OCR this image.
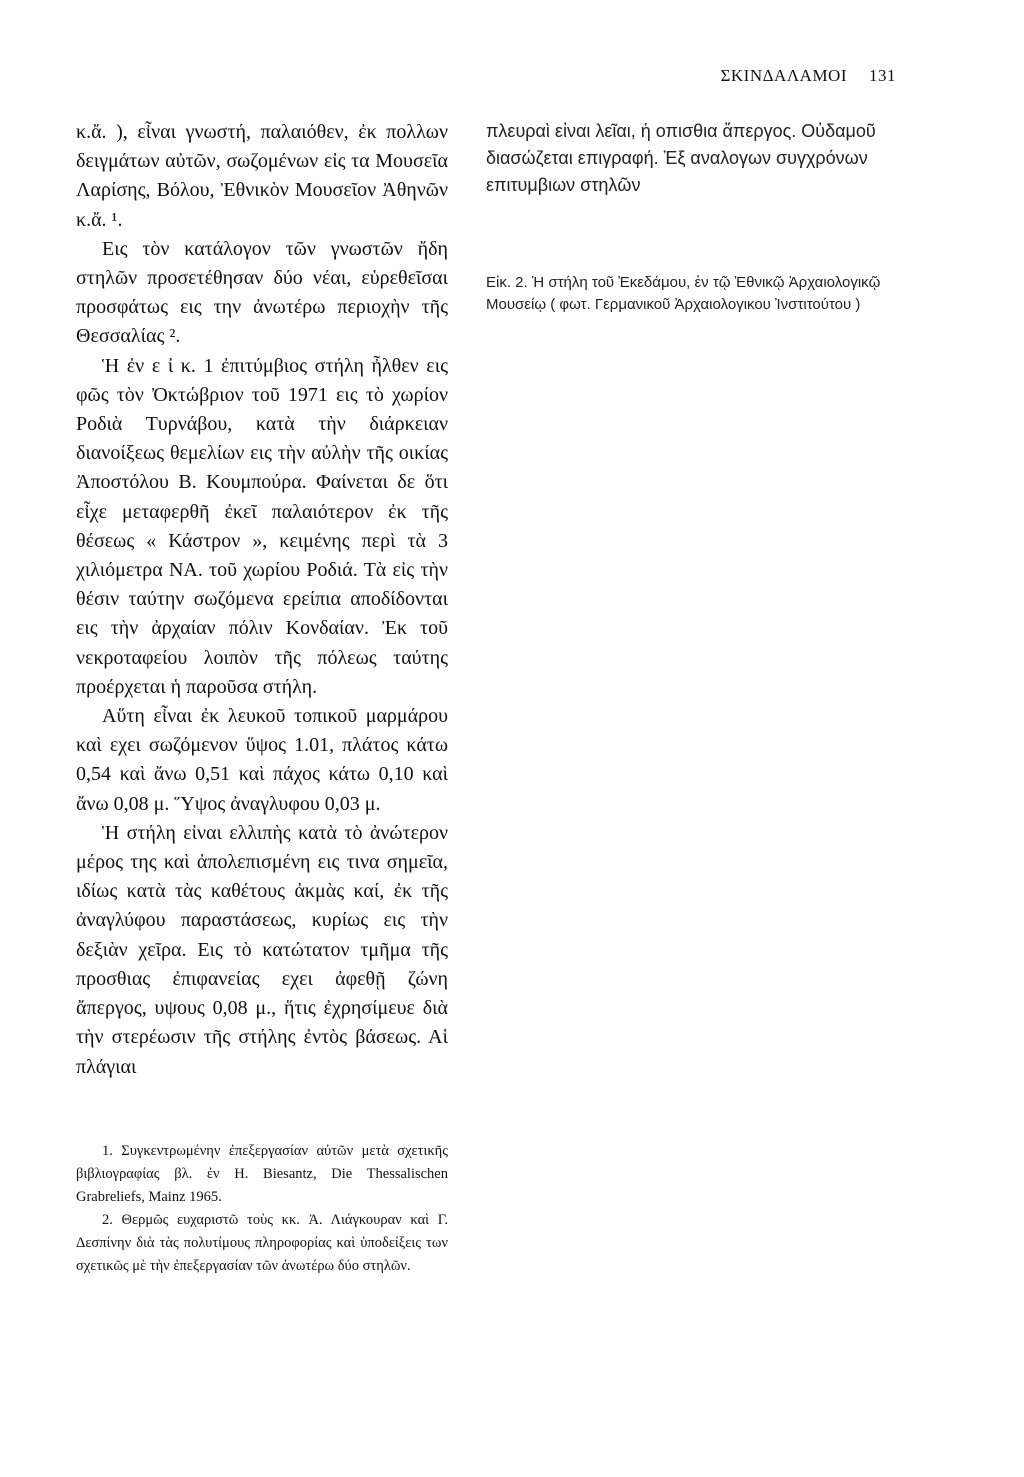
ΣΚΙΝΔΑΛΑΜΟΙ 131

κ.ἄ. ), εἶναι γνωστή, παλαιόθεν, ἐκ πολλων δειγμάτων αὐτῶν, σωζομένων εἰς τα Μουσεῖα Λαρίσης, Βόλου, Ἐθνικὸν Μουσεῖον Ἀθηνῶν κ.ἄ. ¹.

Εις τὸν κατάλογον τῶν γνωστῶν ἤδη στηλῶν προσετέθησαν δύο νέαι, εὑρεθεῖσαι προσφάτως εις την ἀνωτέρω περιοχὴν τῆς Θεσσαλίας ².

Ἡ ἐν ε ἰ κ. 1 ἐπιτύμβιος στήλη ἦλθεν εις φῶς τὸν Ὀκτώβριον τοῦ 1971 εις τὸ χωρίον Ροδιὰ Τυρνάβου, κατὰ τὴν διάρκειαν διανοίξεως θεμελίων εις τὴν αὐλὴν τῆς οικίας Ἀποστόλου Β. Κουμπούρα. Φαίνεται δε ὅτι εἶχε μεταφερθῆ ἐκεῖ παλαιότερον ἐκ τῆς θέσεως « Κάστρον », κειμένης περὶ τὰ 3 χιλιόμετρα ΝΑ. τοῦ χωρίου Ροδιά. Τὰ εἰς τὴν θέσιν ταύτην σωζόμενα ερείπια αποδίδονται εις τὴν ἀρχαίαν πόλιν Κονδαίαν. Ἐκ τοῦ νεκροταφείου λοιπὸν τῆς πόλεως ταύτης προέρχεται ἡ παροῦσα στήλη.

Αὕτη εἶναι ἐκ λευκοῦ τοπικοῦ μαρμάρου καὶ εχει σωζόμενον ὕψος 1.01, πλάτος κάτω 0,54 καὶ ἄνω 0,51 καὶ πάχος κάτω 0,10 καὶ ἄνω 0,08 μ. Ὕψος ἀναγλυφου 0,03 μ.

Ἡ στήλη εἰναι ελλιπὴς κατὰ τὸ ἀνώτερον μέρος της καὶ ἀπολεπισμένη εις τινα σημεῖα, ιδίως κατὰ τὰς καθέτους ἀκμὰς καί, ἐκ τῆς ἀναγλύφου παραστάσεως, κυρίως εις τὴν δεξιὰν χεῖρα. Εις τὸ κατώτατον τμῆμα τῆς προσθιας ἐπιφανείας εχει ἀφεθῇ ζώνη ἄπεργος, υψους 0,08 μ., ἥτις ἐχρησίμευε διὰ τὴν στερέωσιν τῆς στήλης ἐντὸς βάσεως. Αἱ πλάγιαι

πλευραὶ εἰναι λεῖαι, ἡ οπισθια ἄπεργος. Οὐδαμοῦ διασώζεται επιγραφή. Ἐξ αναλογων συγχρόνων επιτυμβιων στηλῶν

Εἰκ. 2. Ἡ στήλη τοῦ Ἐκεδάμου, ἐν τῷ Ἐθνικῷ Ἀρχαιολογικῷ Μουσείῳ ( φωτ. Γερμανικοῦ Ἀρχαιολογικου Ἰνστιτούτου )

1. Συγκεντρωμένην ἐπεξεργασίαν αὐτῶν μετὰ σχετικῆς βιβλιογραφίας βλ. ἐν H. Biesantz, Die Thessalischen Grabreliefs, Mainz 1965.

2. Θερμῶς ευχαριστῶ τοὺς κκ. Ἀ. Λιάγκουραν καὶ Γ. Δεσπίνην διὰ τὰς πολυτίμους πληροφορίας καὶ ὑποδείξεις των σχετικῶς μὲ τὴν ἐπεξεργασίαν τῶν ἀνωτέρω δύο στηλῶν.
